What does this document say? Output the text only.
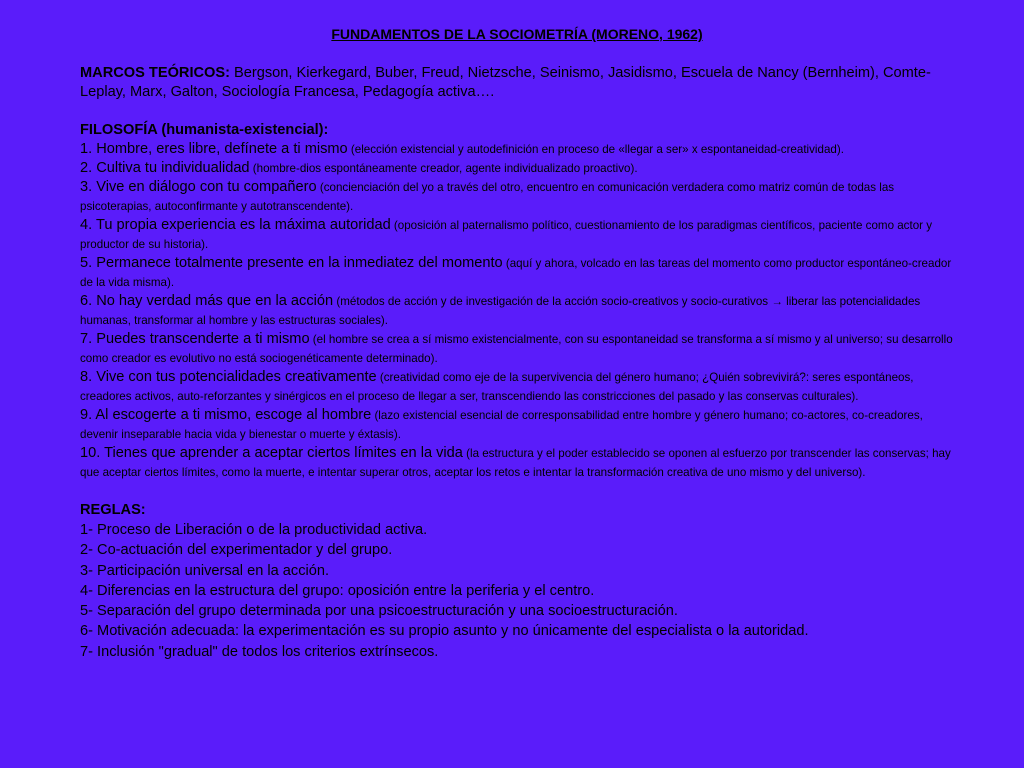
FUNDAMENTOS DE LA SOCIOMETRÍA (MORENO, 1962)

MARCOS TEÓRICOS: Bergson, Kierkegard, Buber, Freud, Nietzsche, Seinismo, Jasidismo, Escuela de Nancy (Bernheim), Comte-Leplay, Marx, Galton, Sociología Francesa, Pedagogía activa….

FILOSOFÍA (humanista-existencial):

1. Hombre, eres libre, defínete a ti mismo (elección existencial y autodefinición en proceso de «llegar a ser» x espontaneidad-creatividad).

2. Cultiva tu individualidad (hombre-dios espontáneamente creador, agente individualizado proactivo).

3. Vive en diálogo con tu compañero (concienciación del yo a través del otro, encuentro en comunicación verdadera como matriz común de todas las psicoterapias, autoconfirmante y autotranscendente).

4. Tu propia experiencia es la máxima autoridad (oposición al paternalismo político, cuestionamiento de los paradigmas científicos, paciente como actor y productor de su historia).

5. Permanece totalmente presente en la inmediatez del momento (aquí y ahora, volcado en las tareas del momento como productor espontáneo-creador de la vida misma).

6. No hay verdad más que en la acción (métodos de acción y de investigación de la acción socio-creativos y socio-curativos → liberar las potencialidades humanas, transformar al hombre y las estructuras sociales).

7. Puedes transcenderte a ti mismo (el hombre se crea a sí mismo existencialmente, con su espontaneidad se transforma a sí mismo y al universo; su desarrollo como creador es evolutivo no está sociogenéticamente determinado).

8. Vive con tus potencialidades creativamente (creatividad como eje de la supervivencia del género humano; ¿Quién sobrevivirá?: seres espontáneos, creadores activos, auto-reforzantes y sinérgicos en el proceso de llegar a ser, transcendiendo las constricciones del pasado y las conservas culturales).

9. Al escogerte a ti mismo, escoge al hombre (lazo existencial esencial de corresponsabilidad entre hombre y género humano; co-actores, co-creadores, devenir inseparable hacia vida y bienestar o muerte y éxtasis).

10. Tienes que aprender a aceptar ciertos límites en la vida (la estructura y el poder establecido se oponen al esfuerzo por transcender las conservas; hay que aceptar ciertos límites, como la muerte, e intentar superar otros, aceptar los retos e intentar la transformación creativa de uno mismo y del universo).

REGLAS:

1- Proceso de Liberación o de la productividad activa.

2- Co-actuación del experimentador y del grupo.

3- Participación universal en la acción.

4- Diferencias en la estructura del grupo: oposición entre la periferia y el centro.

5- Separación del grupo determinada por una psicoestructuración y una socioestructuración.

6- Motivación adecuada: la experimentación es su propio asunto y no únicamente del especialista o la autoridad.

7- Inclusión "gradual" de todos los criterios extrínsecos.
